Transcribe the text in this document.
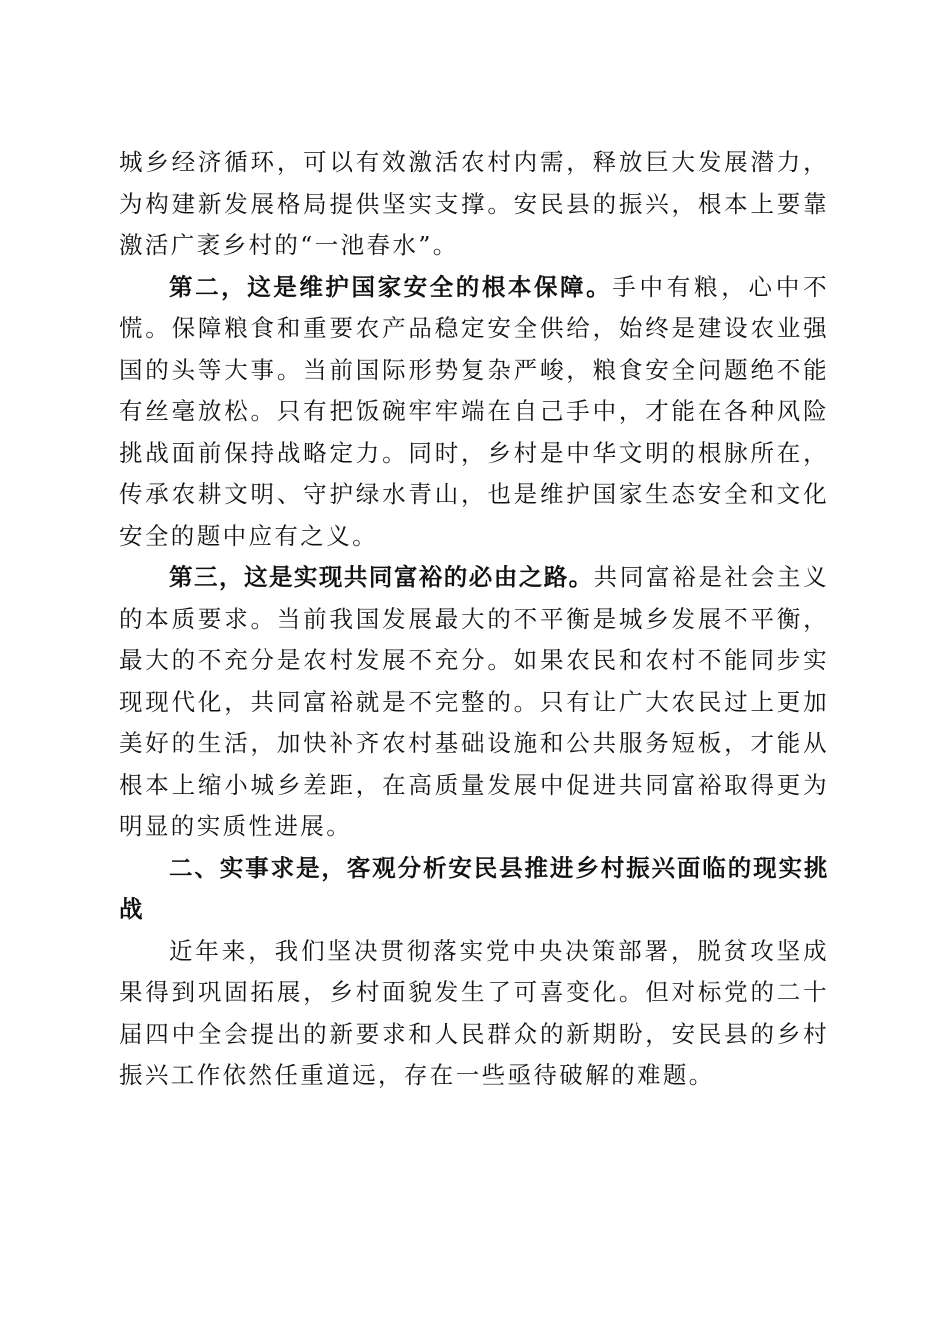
城乡经济循环，可以有效激活农村内需，释放巨大发展潜力，为构建新发展格局提供坚实支撑。安民县的振兴，根本上要靠激活广袤乡村的“一池春水”。

第二，这是维护国家安全的根本保障。手中有粮，心中不慌。保障粮食和重要农产品稳定安全供给，始终是建设农业强国的头等大事。当前国际形势复杂严峻，粮食安全问题绝不能有丝毫放松。只有把饭碗牢牢端在自己手中，才能在各种风险挑战面前保持战略定力。同时，乡村是中华文明的根脉所在，传承农耕文明、守护绿水青山，也是维护国家生态安全和文化安全的题中应有之义。

第三，这是实现共同富裕的必由之路。共同富裕是社会主义的本质要求。当前我国发展最大的不平衡是城乡发展不平衡，最大的不充分是农村发展不充分。如果农民和农村不能同步实现现代化，共同富裕就是不完整的。只有让广大农民过上更加美好的生活，加快补齐农村基础设施和公共服务短板，才能从根本上缩小城乡差距，在高质量发展中促进共同富裕取得更为明显的实质性进展。

二、实事求是，客观分析安民县推进乡村振兴面临的现实挑战

近年来，我们坚决贯彻落实党中央决策部署，脱贫攻坚成果得到巩固拓展，乡村面貌发生了可喜变化。但对标党的二十届四中全会提出的新要求和人民群众的新期盼，安民县的乡村振兴工作依然任重道远，存在一些亟待破解的难题。
